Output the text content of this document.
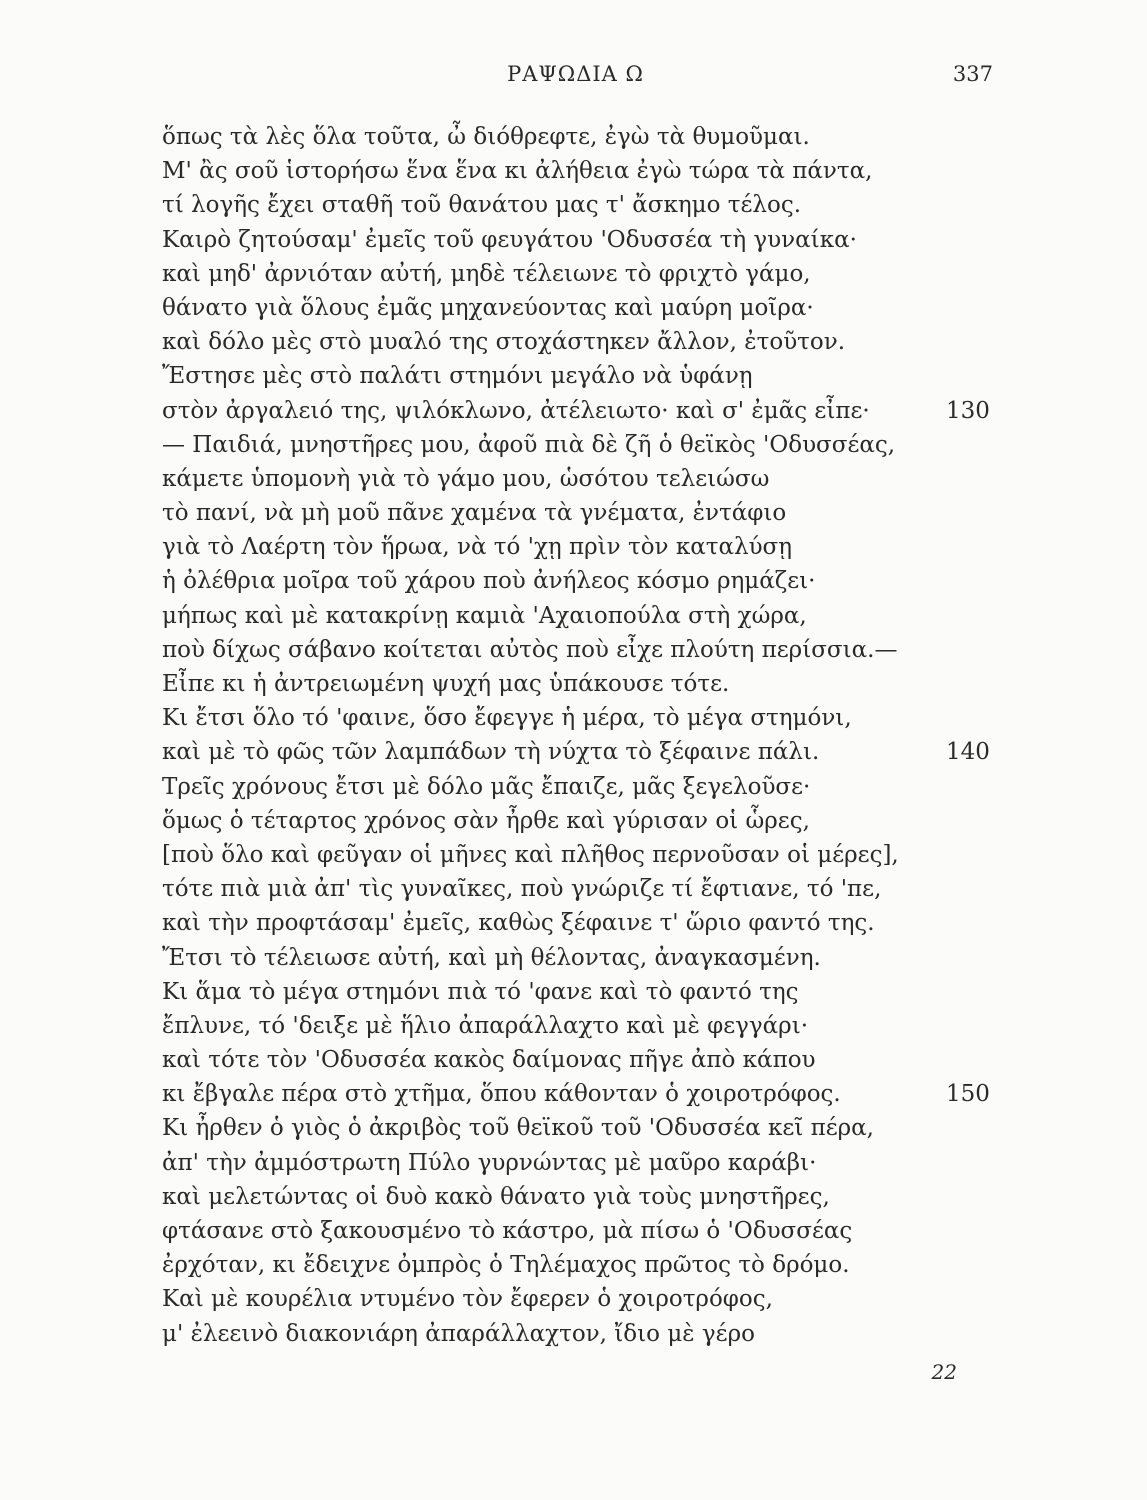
ΡΑΨΩΔΙΑ Ω	337
ὅπως τὰ λὲς ὅλα τοῦτα, ὦ διόθρεφτε, ἐγὼ τὰ θυμοῦμαι.
Μ' ἂς σοῦ ἱστορήσω ἕνα ἕνα κι ἀλήθεια ἐγὼ τώρα τὰ πάντα,
τί λογῆς ἔχει σταθῆ τοῦ θανάτου μας τ' ἄσκημο τέλος.
Καιρὸ ζητούσαμ' ἐμεῖς τοῦ φευγάτου 'Οδυσσέα τὴ γυναίκα·
καὶ μηδ' ἀρνιόταν αὐτή, μηδὲ τέλειωνε τὸ φριχτὸ γάμο,
θάνατο γιὰ ὅλους ἐμᾶς μηχανεύοντας καὶ μαύρη μοῖρα·
καὶ δόλο μὲς στὸ μυαλό της στοχάστηκεν ἄλλον, ἐτοῦτον.
Ἔστησε μὲς στὸ παλάτι στημόνι μεγάλο νὰ ὑφάνῃ
στὸν ἀργαλειό της, ψιλόκλωνο, ἀτέλειωτο· καὶ σ' ἐμᾶς εἶπε·	130
— Παιδιά, μνηστῆρες μου, ἀφοῦ πιὰ δὲ ζῆ ὁ θεϊκὸς 'Οδυσσέας,
κάμετε ὑπομονὴ γιὰ τὸ γάμο μου, ὡσότου τελειώσω
τὸ πανί, νὰ μὴ μοῦ πᾶνε χαμένα τὰ γνέματα, ἐντάφιο
γιὰ τὸ Λαέρτη τὸν ἥρωα, νὰ τό 'χῃ πρὶν τὸν καταλύσῃ
ἡ ὀλέθρια μοῖρα τοῦ χάρου ποὺ ἀνήλεος κόσμο ρημάζει·
μήπως καὶ μὲ κατακρίνῃ καμιὰ 'Αχαιοπούλα στὴ χώρα,
ποὺ δίχως σάβανο κοίτεται αὐτὸς ποὺ εἶχε πλούτη περίσσια.—
Εἶπε κι ἡ ἀντρειωμένη ψυχή μας ὑπάκουσε τότε.
Κι ἔτσι ὅλο τό 'φαινε, ὅσο ἔφεγγε ἡ μέρα, τὸ μέγα στημόνι,
καὶ μὲ τὸ φῶς τῶν λαμπάδων τὴ νύχτα τὸ ξέφαινε πάλι.	140
Τρεῖς χρόνους ἔτσι μὲ δόλο μᾶς ἔπαιζε, μᾶς ξεγελοῦσε·
ὅμως ὁ τέταρτος χρόνος σὰν ἦρθε καὶ γύρισαν οἱ ὧρες,
[ποὺ ὅλο καὶ φεῦγαν οἱ μῆνες καὶ πλῆθος περνοῦσαν οἱ μέρες],
τότε πιὰ μιὰ ἀπ' τὶς γυναῖκες, ποὺ γνώριζε τί ἔφτιανε, τό 'πε,
καὶ τὴν προφτάσαμ' ἐμεῖς, καθὼς ξέφαινε τ' ὥριο φαντό της.
Ἔτσι τὸ τέλειωσε αὐτή, καὶ μὴ θέλοντας, ἀναγκασμένη.
Κι ἅμα τὸ μέγα στημόνι πιὰ τό 'φανε καὶ τὸ φαντό της
ἔπλυνε, τό 'δειξε μὲ ἥλιο ἀπαράλλαχτο καὶ μὲ φεγγάρι·
καὶ τότε τὸν 'Οδυσσέα κακὸς δαίμονας πῆγε ἀπὸ κάπου
κι ἔβγαλε πέρα στὸ χτῆμα, ὅπου κάθονταν ὁ χοιροτρόφος.	150
Κι ἦρθεν ὁ γιὸς ὁ ἀκριβὸς τοῦ θεϊκοῦ τοῦ 'Οδυσσέα κεῖ πέρα,
ἀπ' τὴν ἀμμόστρωτη Πύλο γυρνώντας μὲ μαῦρο καράβι·
καὶ μελετώντας οἱ δυὸ κακὸ θάνατο γιὰ τοὺς μνηστῆρες,
φτάσανε στὸ ξακουσμένο τὸ κάστρο, μὰ πίσω ὁ 'Οδυσσέας
ἐρχόταν, κι ἔδειχνε ὀμπρὸς ὁ Τηλέμαχος πρῶτος τὸ δρόμο.
Καὶ μὲ κουρέλια ντυμένο τὸν ἔφερεν ὁ χοιροτρόφος,
μ' ἐλεεινὸ διακονιάρη ἀπαράλλαχτον, ἴδιο μὲ γέρο
22
